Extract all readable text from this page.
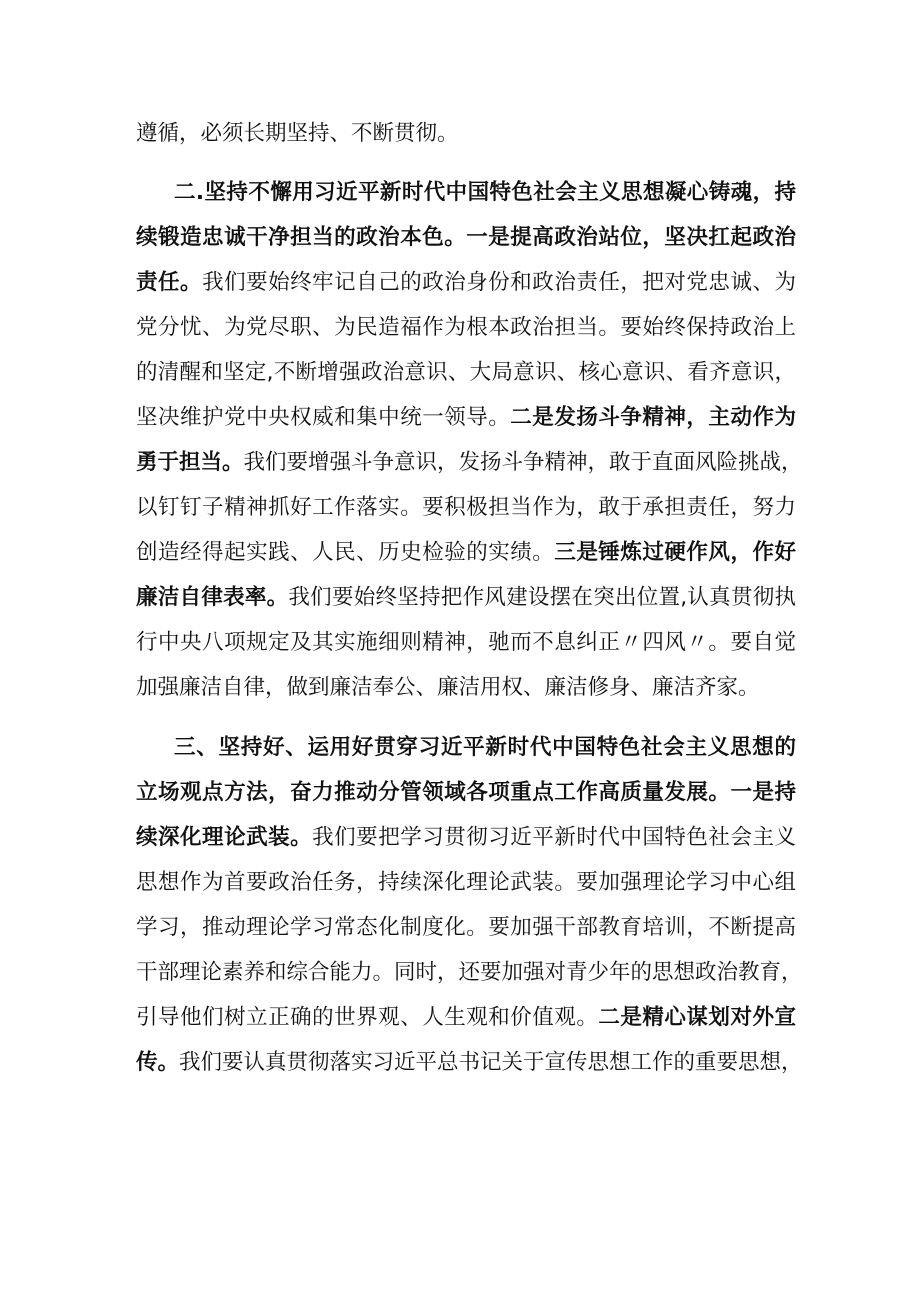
遵循，必须长期坚持、不断贯彻。
二.坚持不懈用习近平新时代中国特色社会主义思想凝心铸魂，持
续锻造忠诚干净担当的政治本色。一是提高政治站位，坚决扛起政治
责任。我们要始终牢记自己的政治身份和政治责任，把对党忠诚、为
党分忧、为党尽职、为民造福作为根本政治担当。要始终保持政治上
的清醒和坚定,不断增强政治意识、大局意识、核心意识、看齐意识，
坚决维护党中央权威和集中统一领导。二是发扬斗争精神，主动作为
勇于担当。我们要增强斗争意识，发扬斗争精神，敢于直面风险挑战，
以钉钉子精神抓好工作落实。要积极担当作为，敢于承担责任，努力
创造经得起实践、人民、历史检验的实绩。三是锤炼过硬作风，作好
廉洁自律表率。我们要始终坚持把作风建设摆在突出位置,认真贯彻执
行中央八项规定及其实施细则精神，驰而不息纠正〃四风〃。要自觉
加强廉洁自律，做到廉洁奉公、廉洁用权、廉洁修身、廉洁齐家。
三、坚持好、运用好贯穿习近平新时代中国特色社会主义思想的
立场观点方法，奋力推动分管领域各项重点工作高质量发展。一是持
续深化理论武装。我们要把学习贯彻习近平新时代中国特色社会主义
思想作为首要政治任务，持续深化理论武装。要加强理论学习中心组
学习，推动理论学习常态化制度化。要加强干部教育培训，不断提高
干部理论素养和综合能力。同时，还要加强对青少年的思想政治教育，
引导他们树立正确的世界观、人生观和价值观。二是精心谋划对外宣
传。我们要认真贯彻落实习近平总书记关于宣传思想工作的重要思想，
